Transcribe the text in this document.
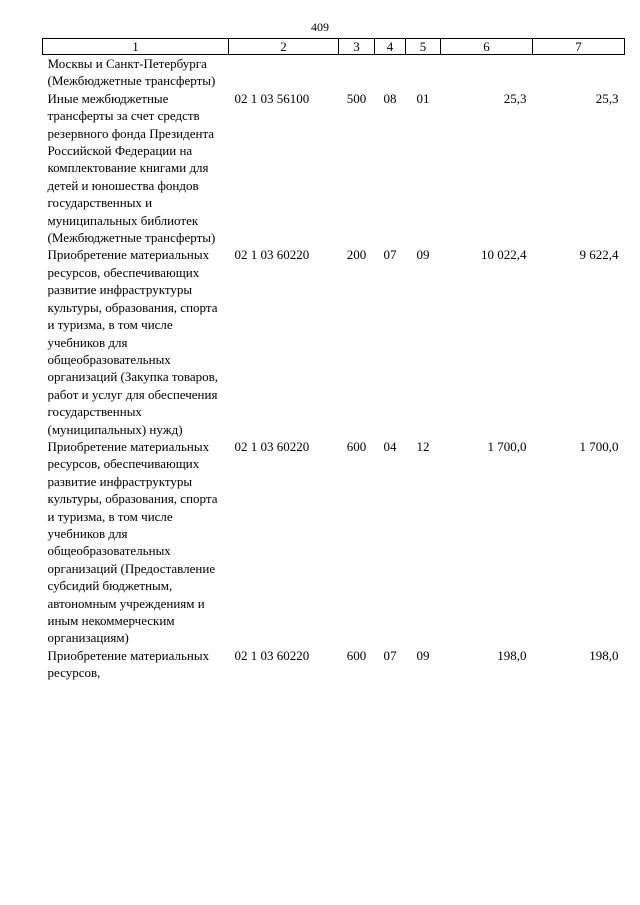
409
1	2	3	4	5	6	7
Москвы и Санкт-Петербурга (Межбюджетные трансферты)						
Иные межбюджетные трансферты за счет средств резервного фонда Президента Российской Федерации на комплектование книгами для детей и юношества фондов государственных и муниципальных библиотек (Межбюджетные трансферты)	02 1 03 56100	500	08	01	25,3	25,3
Приобретение материальных ресурсов, обеспечивающих развитие инфраструктуры культуры, образования, спорта и туризма, в том числе учебников для общеобразовательных организаций (Закупка товаров, работ и услуг для обеспечения государственных (муниципальных) нужд)	02 1 03 60220	200	07	09	10 022,4	9 622,4
Приобретение материальных ресурсов, обеспечивающих развитие инфраструктуры культуры, образования, спорта и туризма, в том числе учебников для общеобразовательных организаций (Предоставление субсидий бюджетным, автономным учреждениям и иным некоммерческим организациям)	02 1 03 60220	600	04	12	1 700,0	1 700,0
Приобретение материальных ресурсов,	02 1 03 60220	600	07	09	198,0	198,0
